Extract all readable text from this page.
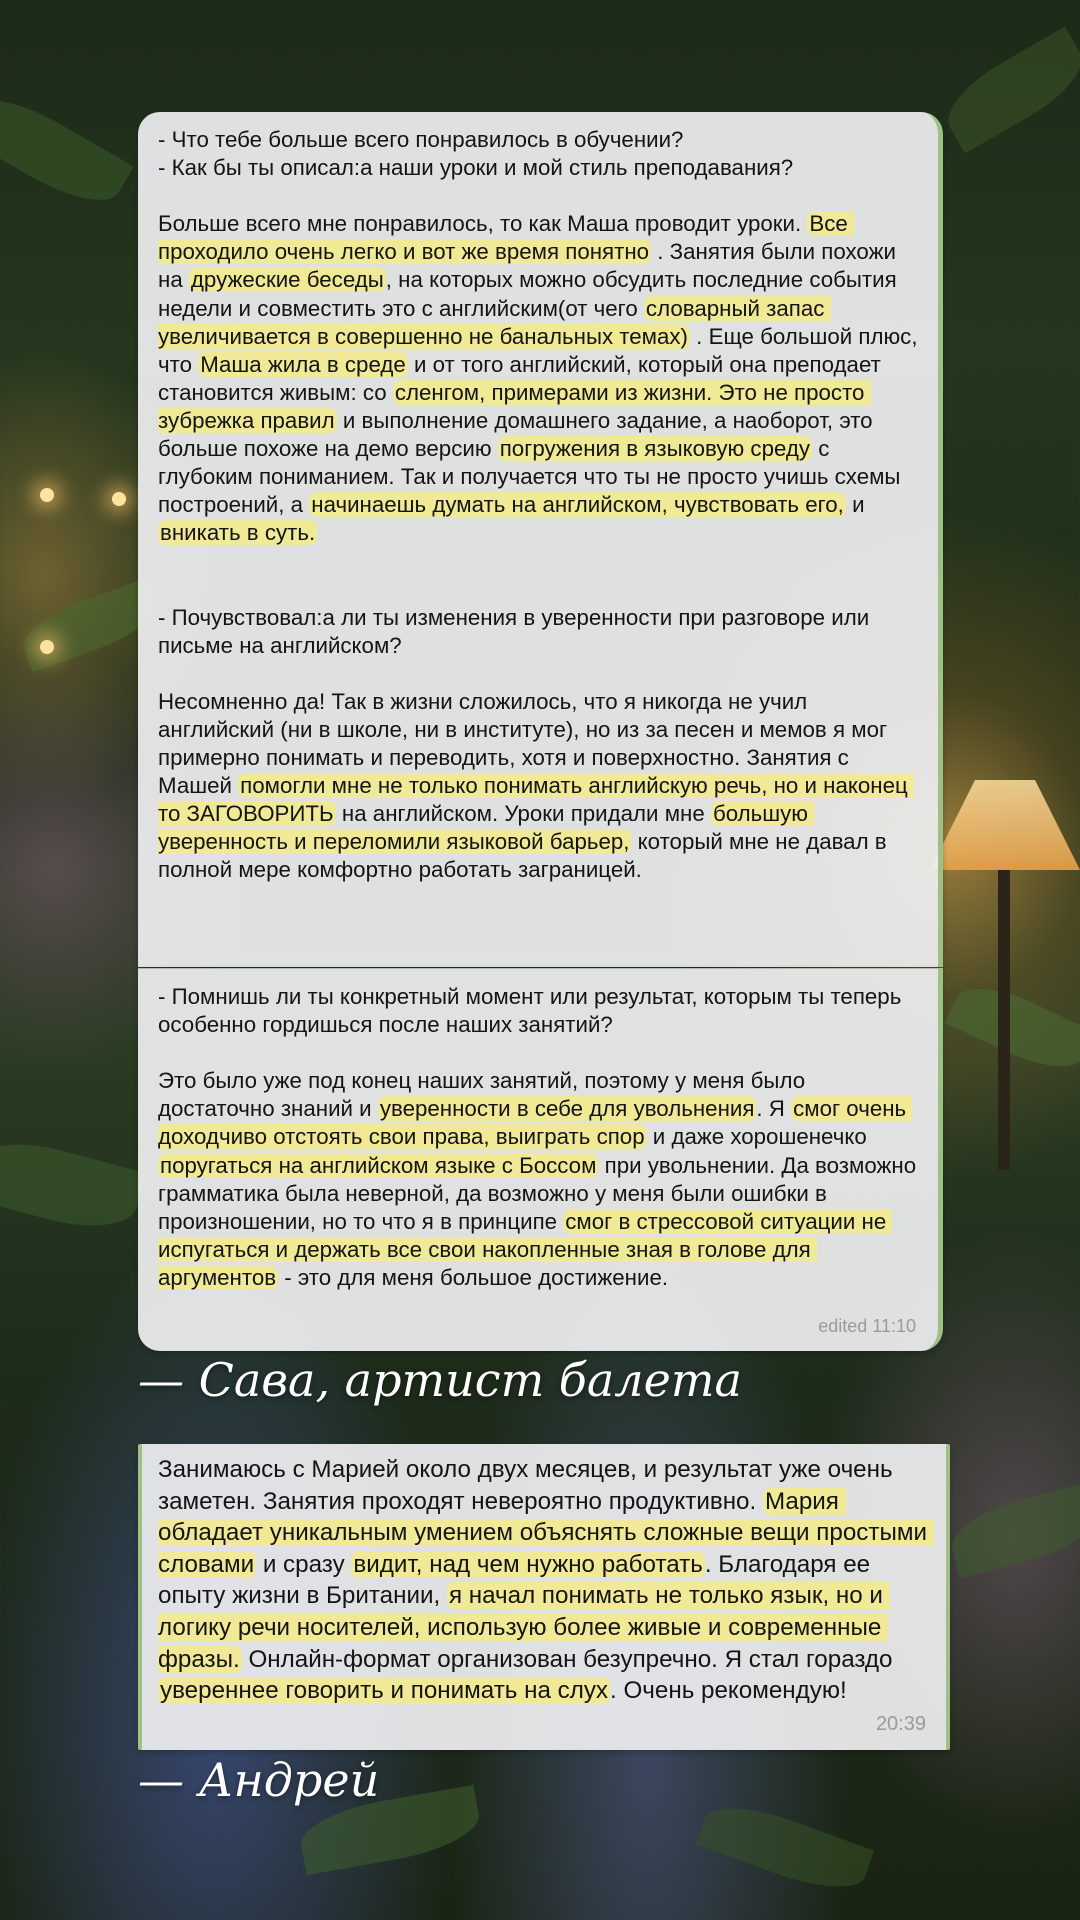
- Что тебе больше всего понравилось в обучении?
- Как бы ты описал:а наши уроки и мой стиль преподавания?

Больше всего мне понравилось, то как Маша проводит уроки. Все проходило очень легко и вот же время понятно . Занятия были похожи на дружеские беседы, на которых можно обсудить последние события недели и совместить это с английским(от чего словарный запас увеличивается в совершенно не банальных темах) . Еще большой плюс, что Маша жила в среде и от того английский, который она преподает становится живым: со сленгом, примерами из жизни. Это не просто зубрежка правил и выполнение домашнего задание, а наоборот, это больше похоже на демо версию погружения в языковую среду с глубоким пониманием. Так и получается что ты не просто учишь схемы построений, а начинаешь думать на английском, чувствовать его, и вникать в суть.

- Почувствовал:а ли ты изменения в уверенности при разговоре или письме на английском?

Несомненно да! Так в жизни сложилось, что я никогда не учил английский (ни в школе, ни в институте), но из за песен и мемов я мог примерно понимать и переводить, хотя и поверхностно. Занятия с Машей помогли мне не только понимать английскую речь, но и наконец то ЗАГОВОРИТЬ на английском. Уроки придали мне большую уверенность и переломили языковой барьер, который мне не давал в полной мере комфортно работать заграницей.
- Помнишь ли ты конкретный момент или результат, которым ты теперь особенно гордишься после наших занятий?

Это было уже под конец наших занятий, поэтому у меня было достаточно знаний и уверенности в себе для увольнения. Я смог очень доходчиво отстоять свои права, выиграть спор и даже хорошенечко поругаться на английском языке с Боссом при увольнении. Да возможно грамматика была неверной, да возможно у меня были ошибки в произношении, но то что я в принципе смог в стрессовой ситуации не испугаться и держать все свои накопленные зная в голове для аргументов - это для меня большое достижение.
edited 11:10
— Сава, артист балета
Занимаюсь с Марией около двух месяцев, и результат уже очень заметен. Занятия проходят невероятно продуктивно. Мария обладает уникальным умением объяснять сложные вещи простыми словами и сразу видит, над чем нужно работать. Благодаря ее опыту жизни в Британии, я начал понимать не только язык, но и логику речи носителей, использую более живые и современные фразы. Онлайн-формат организован безупречно. Я стал гораздо увереннее говорить и понимать на слух. Очень рекомендую!
20:39
— Андрей
